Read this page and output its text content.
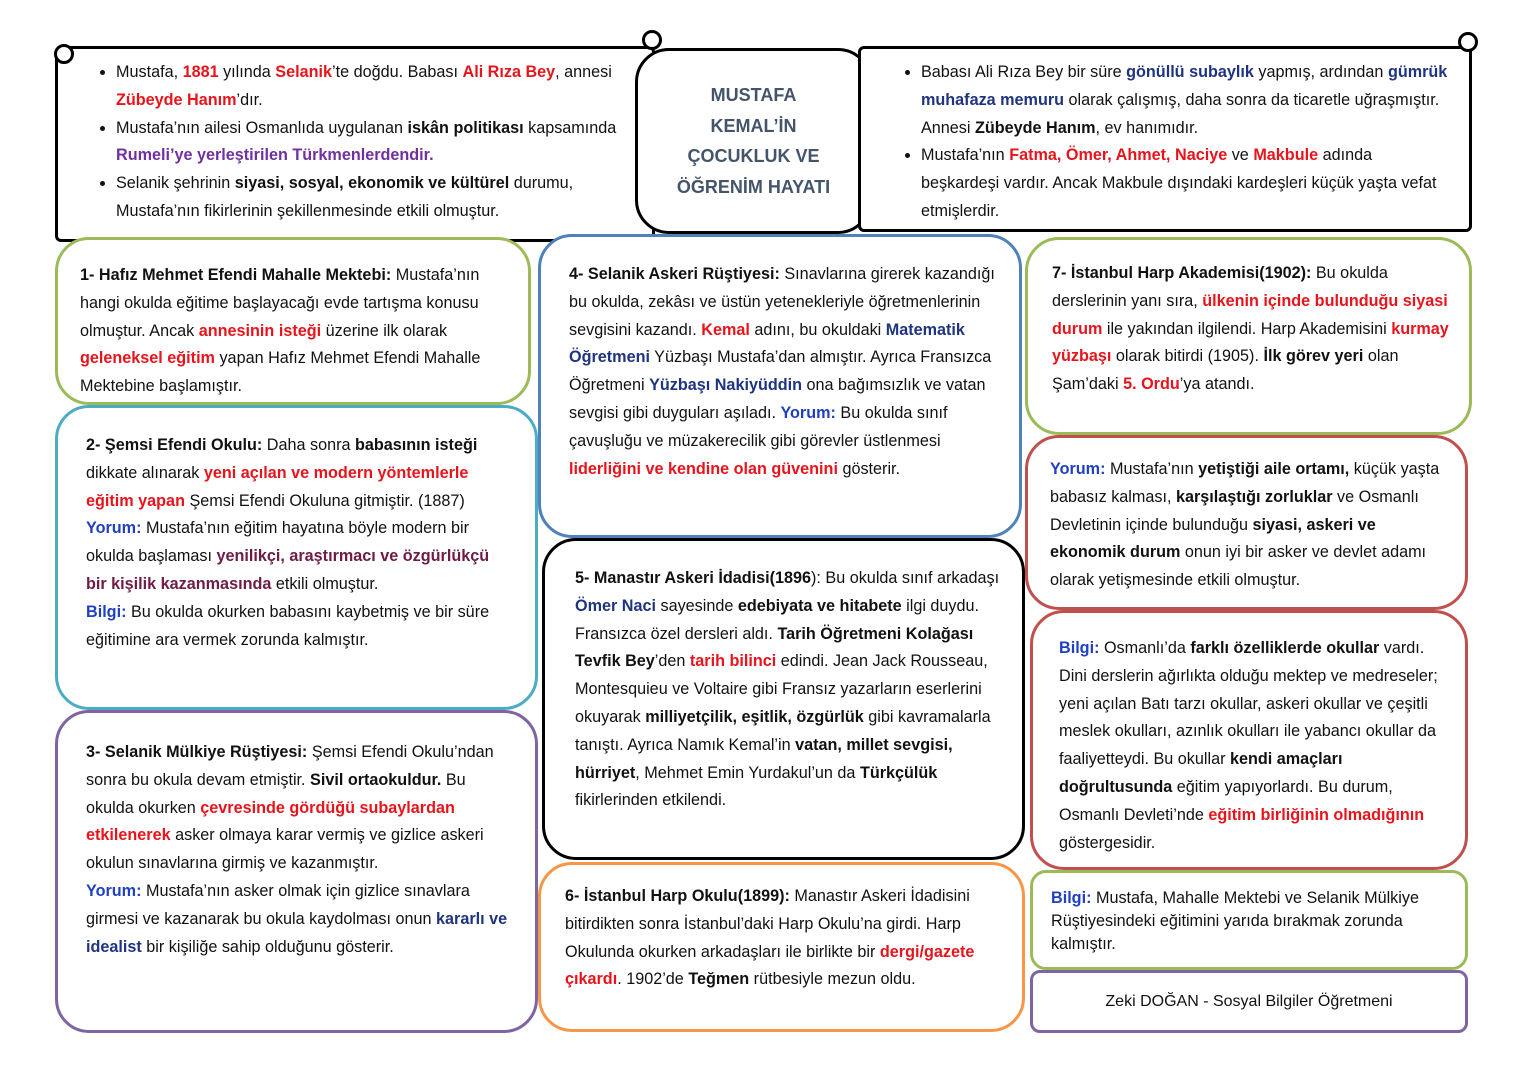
• Mustafa, 1881 yılında Selanik’te doğdu. Babası Ali Rıza Bey, annesi Zübeyde Hanım’dır.
• Mustafa’nın ailesi Osmanlıda uygulanan iskân politikası kapsamında Rumeli’ye yerleştirilen Türkmenlerdendir.
• Selanik şehrinin siyasi, sosyal, ekonomik ve kültürel durumu, Mustafa’nın fikirlerinin şekillenmesinde etkili olmuştur.
MUSTAFA
KEMAL’İN
ÇOCUKLUK VE
ÖĞRENİM HAYATI
• Babası Ali Rıza Bey bir süre gönüllü subaylık yapmış, ardından gümrük muhafaza memuru olarak çalışmış, daha sonra da ticaretle uğraşmıştır. Annesi Zübeyde Hanım, ev hanımıdır.
• Mustafa’nın Fatma, Ömer, Ahmet, Naciye ve Makbule adında beşkardeşi vardır. Ancak Makbule dışındaki kardeşleri küçük yaşta vefat etmişlerdir.

1- Hafız Mehmet Efendi Mahalle Mektebi: Mustafa’nın hangi okulda eğitime başlayacağı evde tartışma konusu olmuştur. Ancak annesinin isteği üzerine ilk olarak geleneksel eğitim yapan Hafız Mehmet Efendi Mahalle Mektebine başlamıştır.

2- Şemsi Efendi Okulu: Daha sonra babasının isteği dikkate alınarak yeni açılan ve modern yöntemlerle eğitim yapan Şemsi Efendi Okuluna gitmiştir. (1887) Yorum: Mustafa’nın eğitim hayatına böyle modern bir okulda başlaması yenilikçi, araştırmacı ve özgürlükçü bir kişilik kazanmasında etkili olmuştur.

Bilgi: Bu okulda okurken babasını kaybetmiş ve bir süre eğitimine ara vermek zorunda kalmıştır.

3- Selanik Mülkiye Rüştiyesi: Şemsi Efendi Okulu’ndan sonra bu okula devam etmiştir. Sivil ortaokuldur. Bu okulda okurken çevresinde gördüğü subaylardan etkilenerek asker olmaya karar vermiş ve gizlice askeri okulun sınavlarına girmiş ve kazanmıştır.

Yorum: Mustafa’nın asker olmak için gizlice sınavlara girmesi ve kazanarak bu okula kaydolması onun kararlı ve idealist bir kişiliğe sahip olduğunu gösterir.

4- Selanik Askeri Rüştiyesi: Sınavlarına girerek kazandığı bu okulda, zekâsı ve üstün yetenekleriyle öğretmenlerinin sevgisini kazandı. Kemal adını, bu okuldaki Matematik Öğretmeni Yüzbaşı Mustafa’dan almıştır. Ayrıca Fransızca Öğretmeni Yüzbaşı Nakiyüddin ona bağımsızlık ve vatan sevgisi gibi duyguları aşıladı. Yorum: Bu okulda sınıf çavuşluğu ve müzakerecilik gibi görevler üstlenmesi liderliğini ve kendine olan güvenini gösterir.

5- Manastır Askeri İdadisi(1896): Bu okulda sınıf arkadaşı Ömer Naci sayesinde edebiyata ve hitabete ilgi duydu. Fransızca özel dersleri aldı. Tarih Öğretmeni Kolağası Tevfik Bey’den tarih bilinci edindi. Jean Jack Rousseau, Montesquieu ve Voltaire gibi Fransız yazarların eserlerini okuyarak milliyetçilik, eşitlik, özgürlük gibi kavramalarla tanıştı. Ayrıca Namık Kemal’in vatan, millet sevgisi, hürriyet, Mehmet Emin Yurdakul’un da Türkçülük fikirlerinden etkilendi.

6- İstanbul Harp Okulu(1899): Manastır Askeri İdadisini bitirdikten sonra İstanbul’daki Harp Okulu’na girdi. Harp Okulunda okurken arkadaşları ile birlikte bir dergi/gazete çıkardı. 1902’de Teğmen rütbesiyle mezun oldu.

7- İstanbul Harp Akademisi(1902): Bu okulda derslerinin yanı sıra, ülkenin içinde bulunduğu siyasi durum ile yakından ilgilendi. Harp Akademisini kurmay yüzbaşı olarak bitirdi (1905). İlk görev yeri olan Şam’daki 5. Ordu’ya atandı.

Yorum: Mustafa’nın yetiştiği aile ortamı, küçük yaşta babasız kalması, karşılaştığı zorluklar ve Osmanlı Devletinin içinde bulunduğu siyasi, askeri ve ekonomik durum onun iyi bir asker ve devlet adamı olarak yetişmesinde etkili olmuştur.

Bilgi: Osmanlı’da farklı özelliklerde okullar vardı. Dini derslerin ağırlıkta olduğu mektep ve medreseler; yeni açılan Batı tarzı okullar, askeri okullar ve çeşitli meslek okulları, azınlık okulları ile yabancı okullar da faaliyetteydi. Bu okullar kendi amaçları doğrultusunda eğitim yapıyorlardı. Bu durum, Osmanlı Devleti’nde eğitim birliğinin olmadığının göstergesidir.

Bilgi: Mustafa, Mahalle Mektebi ve Selanik Mülkiye Rüştiyesindeki eğitimini yarıda bırakmak zorunda kalmıştır.

Zeki DOĞAN - Sosyal Bilgiler Öğretmeni
